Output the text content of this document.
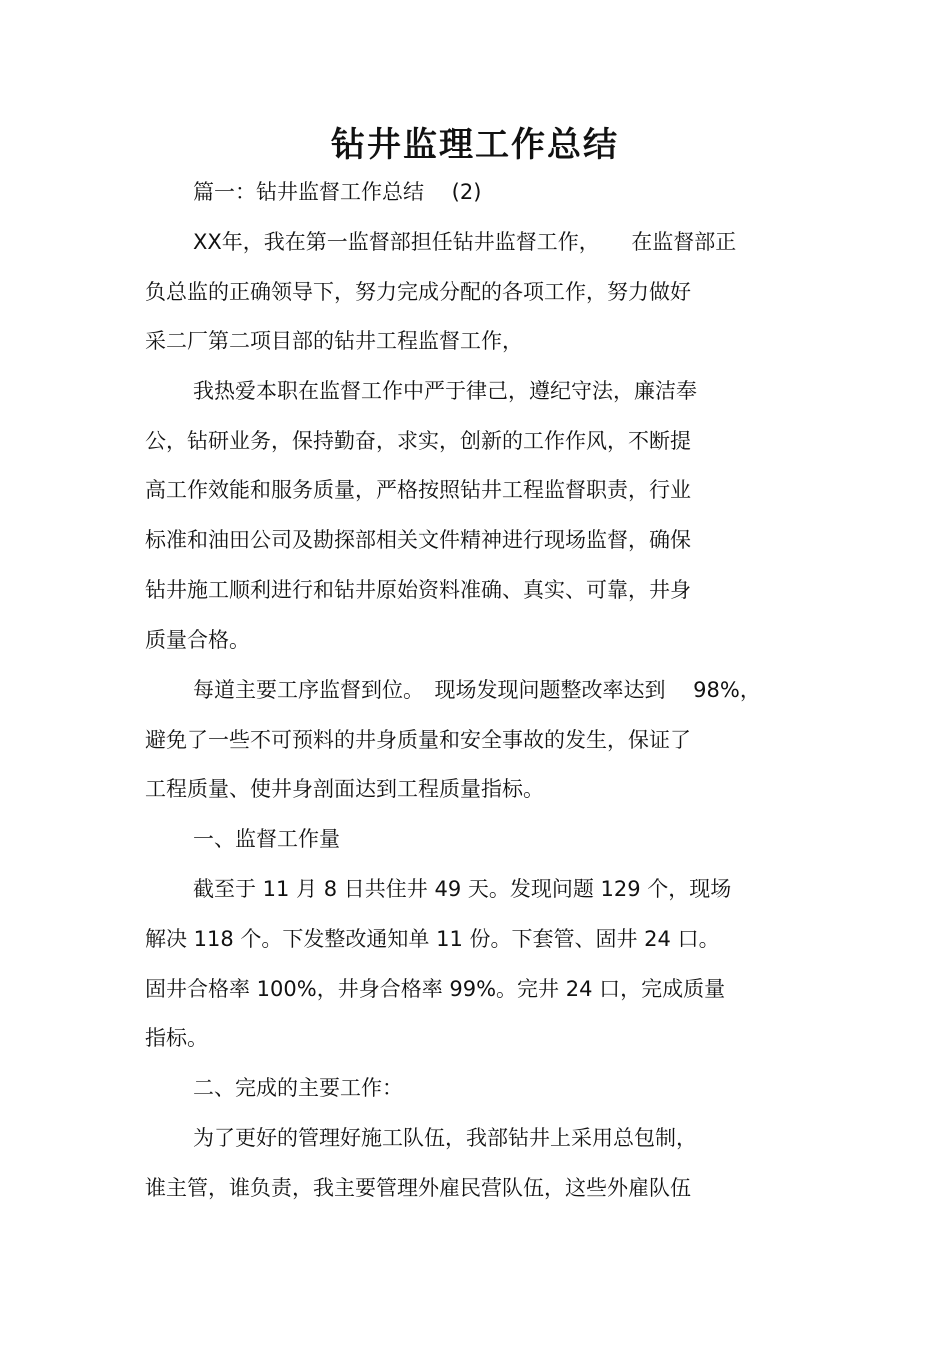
钻井监理工作总结

篇一：钻井监督工作总结　 (2)

XX年，我在第一监督部担任钻井监督工作，　　在监督部正

负总监的正确领导下，努力完成分配的各项工作，努力做好

采二厂第二项目部的钻井工程监督工作，

我热爱本职在监督工作中严于律己，遵纪守法，廉洁奉

公，钻研业务，保持勤奋，求实，创新的工作作风，不断提

高工作效能和服务质量，严格按照钻井工程监督职责，行业

标准和油田公司及勘探部相关文件精神进行现场监督，确保

钻井施工顺利进行和钻井原始资料准确、真实、可靠，井身

质量合格。

每道主要工序监督到位。　现场发现问题整改率达到　 98%，

避免了一些不可预料的井身质量和安全事故的发生，保证了

工程质量、使井身剖面达到工程质量指标。

一、监督工作量

截至于 11 月 8 日共住井 49 天。发现问题 129 个，现场

解决 118 个。下发整改通知单 11 份。下套管、固井 24 口。

固井合格率 100%，井身合格率 99%。完井 24 口，完成质量

指标。

二、完成的主要工作：

为了更好的管理好施工队伍，我部钻井上采用总包制，

谁主管，谁负责，我主要管理外雇民营队伍，这些外雇队伍
